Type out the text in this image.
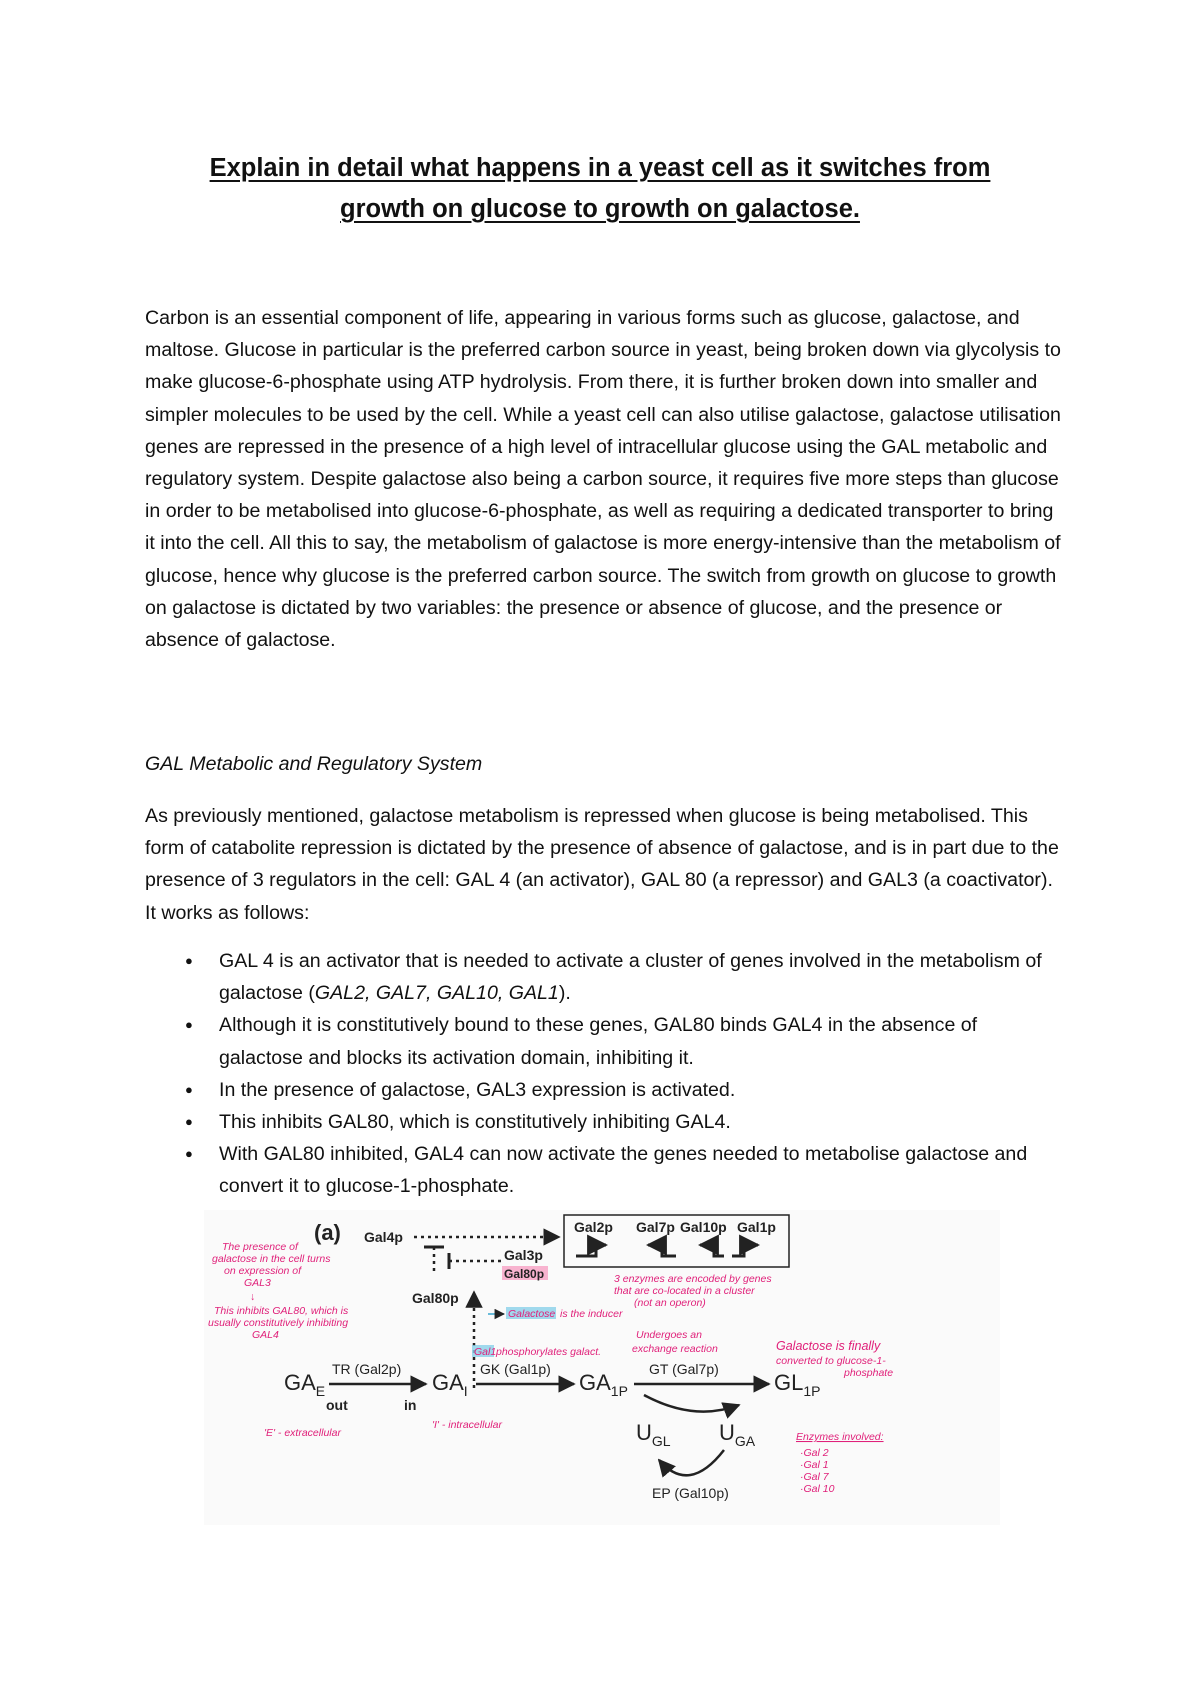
Explain in detail what happens in a yeast cell as it switches from
growth on glucose to growth on galactose.

Carbon is an essential component of life, appearing in various forms such as glucose, galactose, and maltose. Glucose in particular is the preferred carbon source in yeast, being broken down via glycolysis to make glucose-6-phosphate using ATP hydrolysis. From there, it is further broken down into smaller and simpler molecules to be used by the cell. While a yeast cell can also utilise galactose, galactose utilisation genes are repressed in the presence of a high level of intracellular glucose using the GAL metabolic and regulatory system. Despite galactose also being a carbon source, it requires five more steps than glucose in order to be metabolised into glucose-6-phosphate, as well as requiring a dedicated transporter to bring it into the cell. All this to say, the metabolism of galactose is more energy-intensive than the metabolism of glucose, hence why glucose is the preferred carbon source. The switch from growth on glucose to growth on galactose is dictated by two variables: the presence or absence of glucose, and the presence or absence of galactose.

GAL Metabolic and Regulatory System

As previously mentioned, galactose metabolism is repressed when glucose is being metabolised. This form of catabolite repression is dictated by the presence of absence of galactose, and is in part due to the presence of 3 regulators in the cell: GAL 4 (an activator), GAL 80 (a repressor) and GAL3 (a coactivator). It works as follows:

● GAL 4 is an activator that is needed to activate a cluster of genes involved in the metabolism of galactose (GAL2, GAL7, GAL10, GAL1).
● Although it is constitutively bound to these genes, GAL80 binds GAL4 in the absence of galactose and blocks its activation domain, inhibiting it.
● In the presence of galactose, GAL3 expression is activated.
● This inhibits GAL80, which is constitutively inhibiting GAL4.
● With GAL80 inhibited, GAL4 can now activate the genes needed to metabolise galactose and convert it to glucose-1-phosphate.
(a) Gal4p
Gal3p
Gal80p
Gal80p
Gal2p Gal7p Gal10p Gal1p
3 enzymes are encoded by genes
that are co-located in a cluster
(not an operon)
The presence of
galactose in the cell turns
on expression of
GAL3
↓
This inhibits GAL80, which is
usually constitutively inhibiting
GAL4
Galactose is the inducer
$GA_E$
TR (Gal2p)
out	in
$GA_I$
Gal1 phosphorylates galact.
GK (Gal1p)
$GA_{1P}$
GT (Gal7p)
Undergoes an
exchange reaction
$GL_{1P}$
Galactose is finally
converted to glucose-1-
phosphate
$U_{GL}$ $U_{GA}$
EP (Gal10p)
'E' - extracellular
'I' - intracellular
Enzymes involved:
·Gal 2
·Gal 1
·Gal 7
·Gal 10
